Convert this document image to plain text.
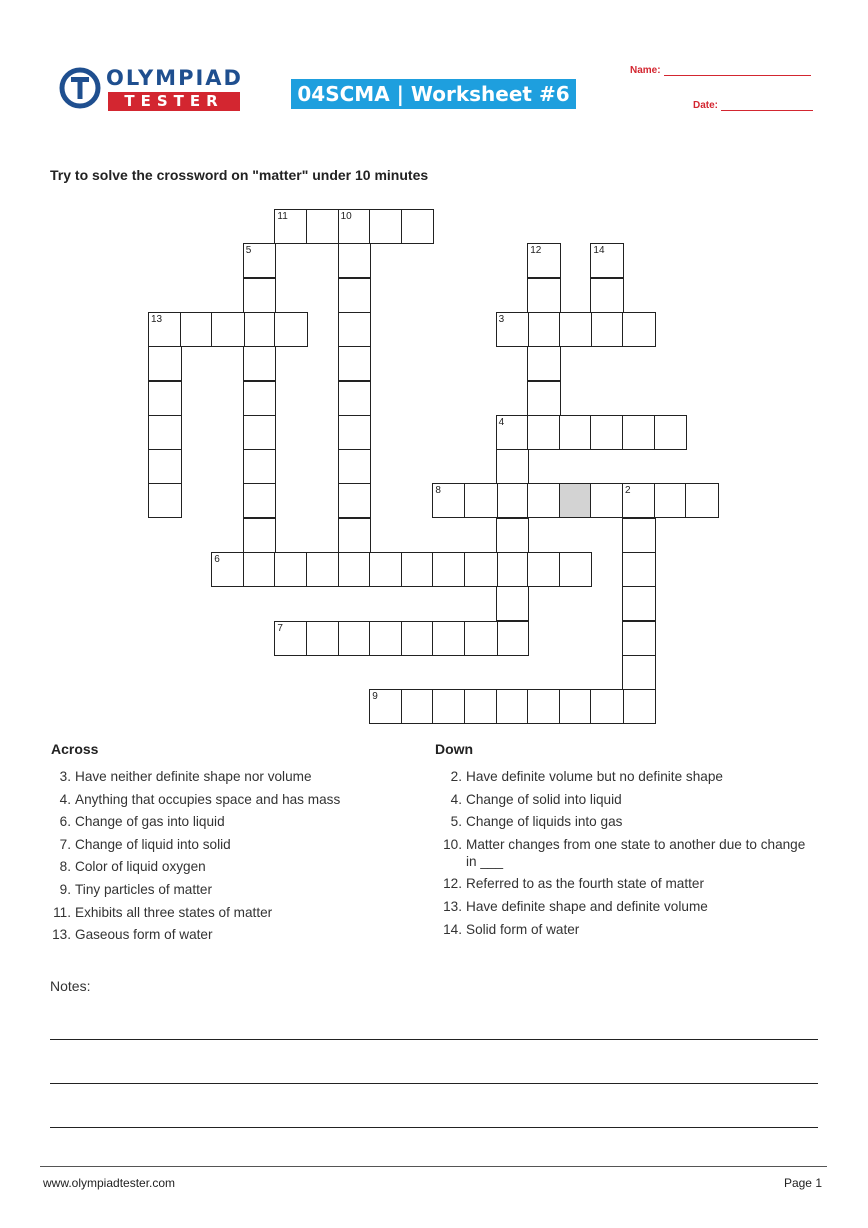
OLYMPIAD
TESTER	04SCMA | Worksheet #6
Name:
Date:
Try to solve the crossword on "matter" under 10 minutes
11	10
5	12	14
13	3
4
8	2
6
7
9
Across
3. Have neither definite shape nor volume
4. Anything that occupies space and has mass
6. Change of gas into liquid
7. Change of liquid into solid
8. Color of liquid oxygen
9. Tiny particles of matter
11. Exhibits all three states of matter
13. Gaseous form of water
Down
2. Have definite volume but no definite shape
4. Change of solid into liquid
5. Change of liquids into gas
10. Matter changes from one state to another due to change in ___
12. Referred to as the fourth state of matter
13. Have definite shape and definite volume
14. Solid form of water
Notes:
www.olympiadtester.com	Page 1
